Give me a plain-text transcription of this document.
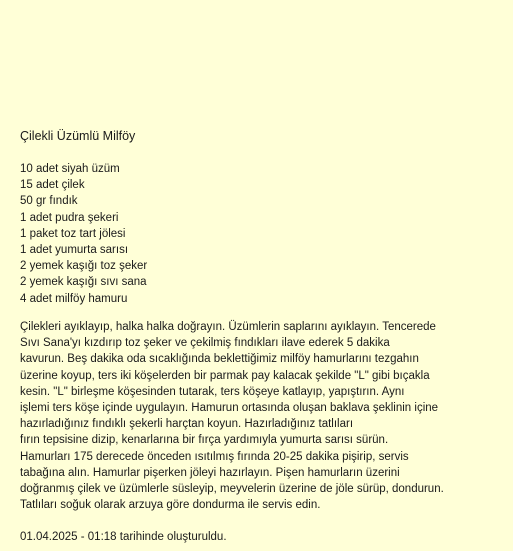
Çilekli Üzümlü Milföy
10 adet siyah üzüm
15 adet çilek
50 gr fındık
1 adet pudra şekeri
1 paket toz tart jölesi
1 adet yumurta sarısı
2 yemek kaşığı toz şeker
2 yemek kaşığı sıvı sana
4 adet milföy hamuru
Çilekleri ayıklayıp, halka halka doğrayın. Üzümlerin saplarını ayıklayın. Tencerede
Sıvı Sana'yı kızdırıp toz şeker ve çekilmiş fındıkları ilave ederek 5 dakika
kavurun. Beş dakika oda sıcaklığında beklettiğimiz milföy hamurlarını tezgahın
üzerine koyup, ters iki köşelerden bir parmak pay kalacak şekilde "L" gibi bıçakla
kesin. "L" birleşme köşesinden tutarak, ters köşeye katlayıp, yapıştırın. Aynı
işlemi ters köşe içinde uygulayın. Hamurun ortasında oluşan baklava şeklinin içine
hazırladığınız fındıklı şekerli harçtan koyun. Hazırladığınız tatlıları
fırın tepsisine dizip, kenarlarına bir fırça yardımıyla yumurta sarısı sürün.
Hamurları 175 derecede önceden ısıtılmış fırında 20-25 dakika pişirip, servis
tabağına alın. Hamurlar pişerken jöleyi hazırlayın. Pişen hamurların üzerini
doğranmış çilek ve üzümlerle süsleyip, meyvelerin üzerine de jöle sürüp, dondurun.
Tatlıları soğuk olarak arzuya göre dondurma ile servis edin.
01.04.2025 - 01:18 tarihinde oluşturuldu.
